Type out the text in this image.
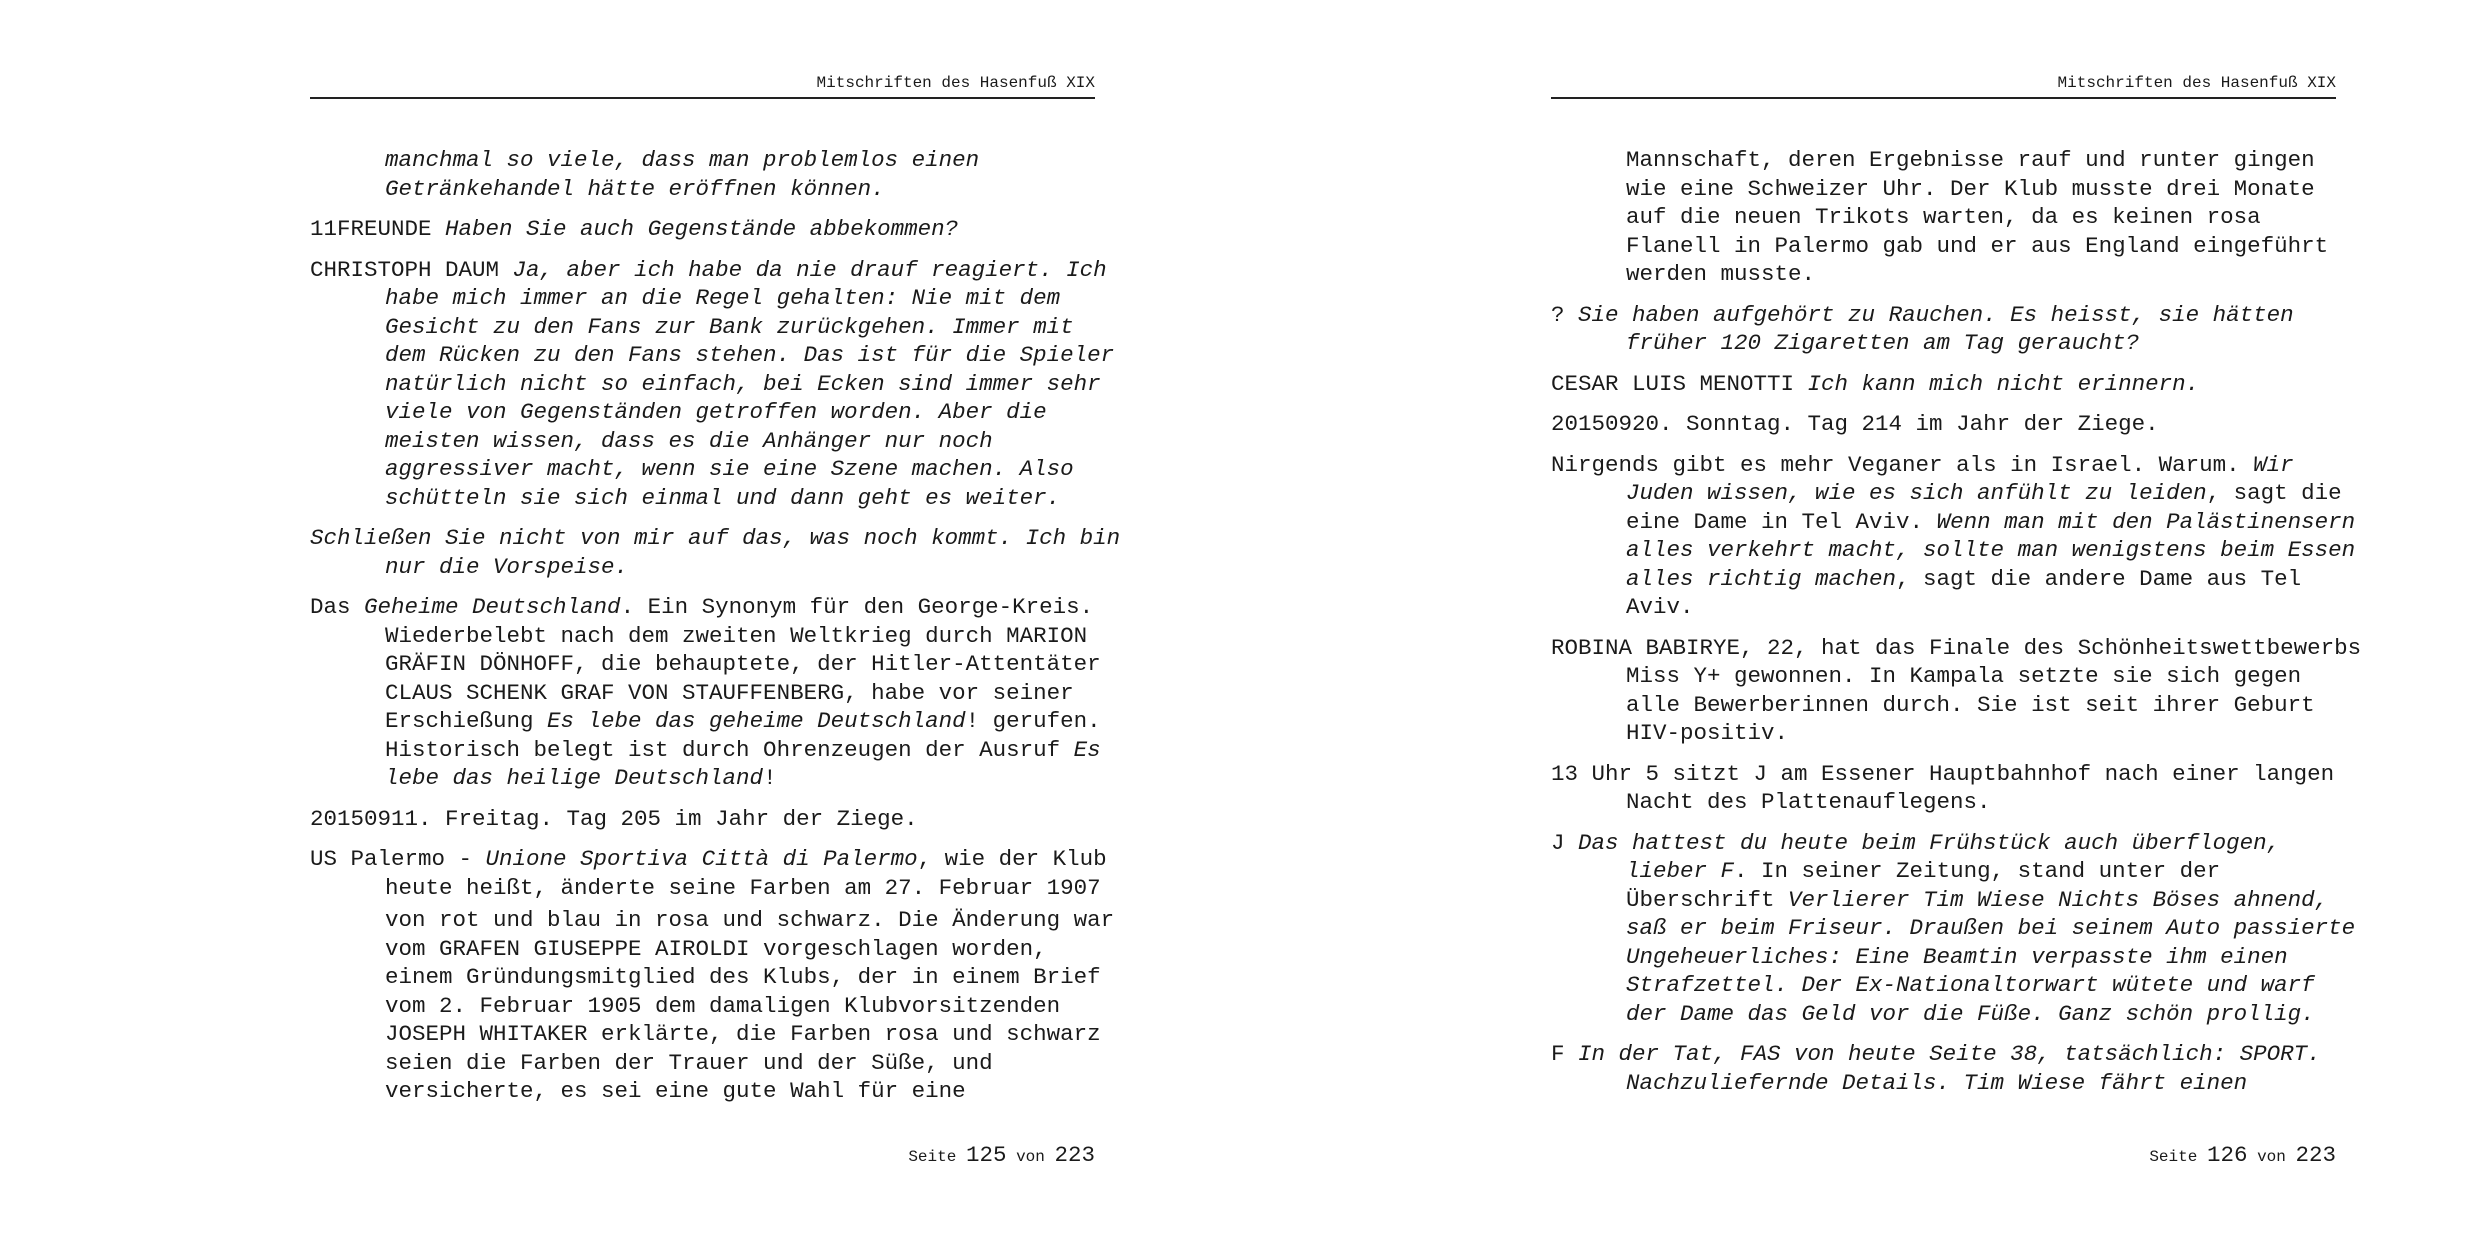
Mitschriften des Hasenfuß XIX
manchmal so viele, dass man problemlos einen
Getränkehandel hätte eröffnen können.
11FREUNDE Haben Sie auch Gegenstände abbekommen?
CHRISTOPH DAUM Ja, aber ich habe da nie drauf reagiert. Ich
habe mich immer an die Regel gehalten: Nie mit dem
Gesicht zu den Fans zur Bank zurückgehen. Immer mit
dem Rücken zu den Fans stehen. Das ist für die Spieler
natürlich nicht so einfach, bei Ecken sind immer sehr
viele von Gegenständen getroffen worden. Aber die
meisten wissen, dass es die Anhänger nur noch
aggressiver macht, wenn sie eine Szene machen. Also
schütteln sie sich einmal und dann geht es weiter.
Schließen Sie nicht von mir auf das, was noch kommt. Ich bin
nur die Vorspeise.
Das Geheime Deutschland. Ein Synonym für den George-Kreis.
Wiederbelebt nach dem zweiten Weltkrieg durch MARION
GRÄFIN DÖNHOFF, die behauptete, der Hitler-Attentäter
CLAUS SCHENK GRAF VON STAUFFENBERG, habe vor seiner
Erschießung Es lebe das geheime Deutschland! gerufen.
Historisch belegt ist durch Ohrenzeugen der Ausruf Es
lebe das heilige Deutschland!
20150911. Freitag. Tag 205 im Jahr der Ziege.
US Palermo - Unione Sportiva Città di Palermo, wie der Klub
heute heißt, änderte seine Farben am 27. Februar 1907
von rot und blau in rosa und schwarz. Die Änderung war
vom GRAFEN GIUSEPPE AIROLDI vorgeschlagen worden,
einem Gründungsmitglied des Klubs, der in einem Brief
vom 2. Februar 1905 dem damaligen Klubvorsitzenden
JOSEPH WHITAKER erklärte, die Farben rosa und schwarz
seien die Farben der Trauer und der Süße, und
versicherte, es sei eine gute Wahl für eine
Seite 125 von 223
Mitschriften des Hasenfuß XIX
Mannschaft, deren Ergebnisse rauf und runter gingen
wie eine Schweizer Uhr. Der Klub musste drei Monate
auf die neuen Trikots warten, da es keinen rosa
Flanell in Palermo gab und er aus England eingeführt
werden musste.
? Sie haben aufgehört zu Rauchen. Es heisst, sie hätten
früher 120 Zigaretten am Tag geraucht?
CESAR LUIS MENOTTI Ich kann mich nicht erinnern.
20150920. Sonntag. Tag 214 im Jahr der Ziege.
Nirgends gibt es mehr Veganer als in Israel. Warum. Wir
Juden wissen, wie es sich anfühlt zu leiden, sagt die
eine Dame in Tel Aviv. Wenn man mit den Palästinensern
alles verkehrt macht, sollte man wenigstens beim Essen
alles richtig machen, sagt die andere Dame aus Tel
Aviv.
ROBINA BABIRYE, 22, hat das Finale des Schönheitswettbewerbs
Miss Y+ gewonnen. In Kampala setzte sie sich gegen
alle Bewerberinnen durch. Sie ist seit ihrer Geburt
HIV-positiv.
13 Uhr 5 sitzt J am Essener Hauptbahnhof nach einer langen
Nacht des Plattenauflegens.
J Das hattest du heute beim Frühstück auch überflogen,
lieber F. In seiner Zeitung, stand unter der
Überschrift Verlierer Tim Wiese Nichts Böses ahnend,
saß er beim Friseur. Draußen bei seinem Auto passierte
Ungeheuerliches: Eine Beamtin verpasste ihm einen
Strafzettel. Der Ex-Nationaltorwart wütete und warf
der Dame das Geld vor die Füße. Ganz schön prollig.
F In der Tat, FAS von heute Seite 38, tatsächlich: SPORT.
Nachzuliefernde Details. Tim Wiese fährt einen
Seite 126 von 223
